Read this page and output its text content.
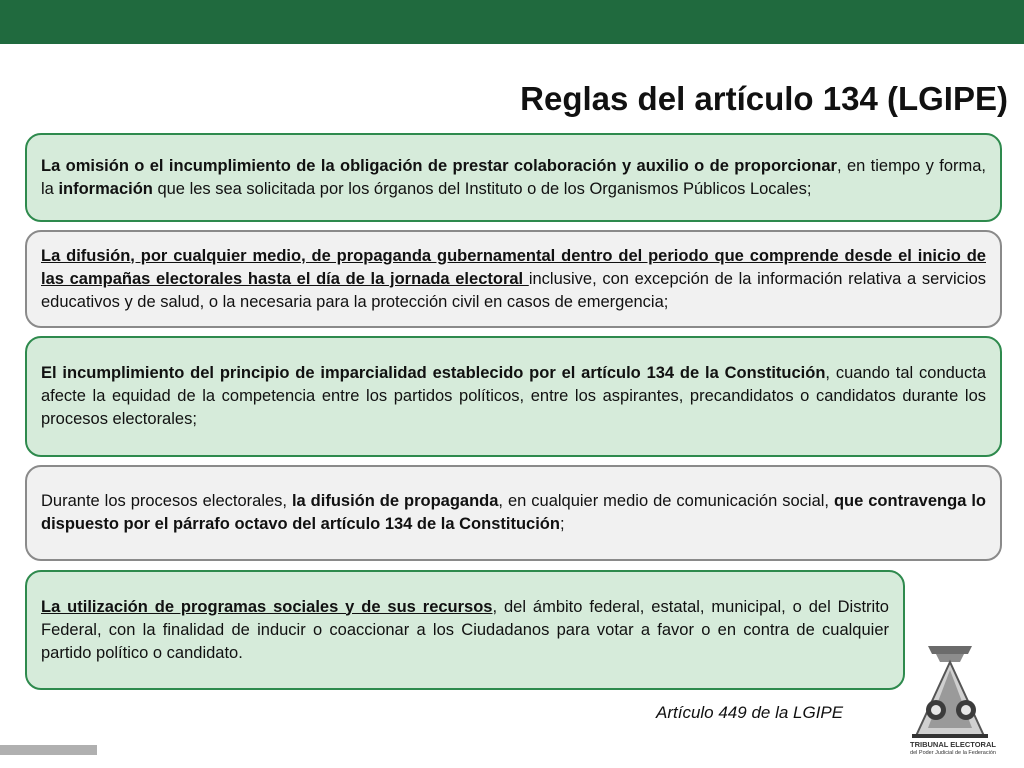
Reglas del artículo 134 (LGIPE)

La omisión o el incumplimiento de la obligación de prestar colaboración y auxilio o de proporcionar, en tiempo y forma, la información que les sea solicitada por los órganos del Instituto o de los Organismos Públicos Locales;

La difusión, por cualquier medio, de propaganda gubernamental dentro del periodo que comprende desde el inicio de las campañas electorales hasta el día de la jornada electoral inclusive, con excepción de la información relativa a servicios educativos y de salud, o la necesaria para la protección civil en casos de emergencia;

El incumplimiento del principio de imparcialidad establecido por el artículo 134 de la Constitución, cuando tal conducta afecte la equidad de la competencia entre los partidos políticos, entre los aspirantes, precandidatos o candidatos durante los procesos electorales;

Durante los procesos electorales, la difusión de propaganda, en cualquier medio de comunicación social, que contravenga lo dispuesto por el párrafo octavo del artículo 134 de la Constitución;

La utilización de programas sociales y de sus recursos, del ámbito federal, estatal, municipal, o del Distrito Federal, con la finalidad de inducir o coaccionar a los Ciudadanos para votar a favor o en contra de cualquier partido político o candidato.

Artículo 449 de la LGIPE
TRIBUNAL ELECTORAL
del Poder Judicial de la Federación
